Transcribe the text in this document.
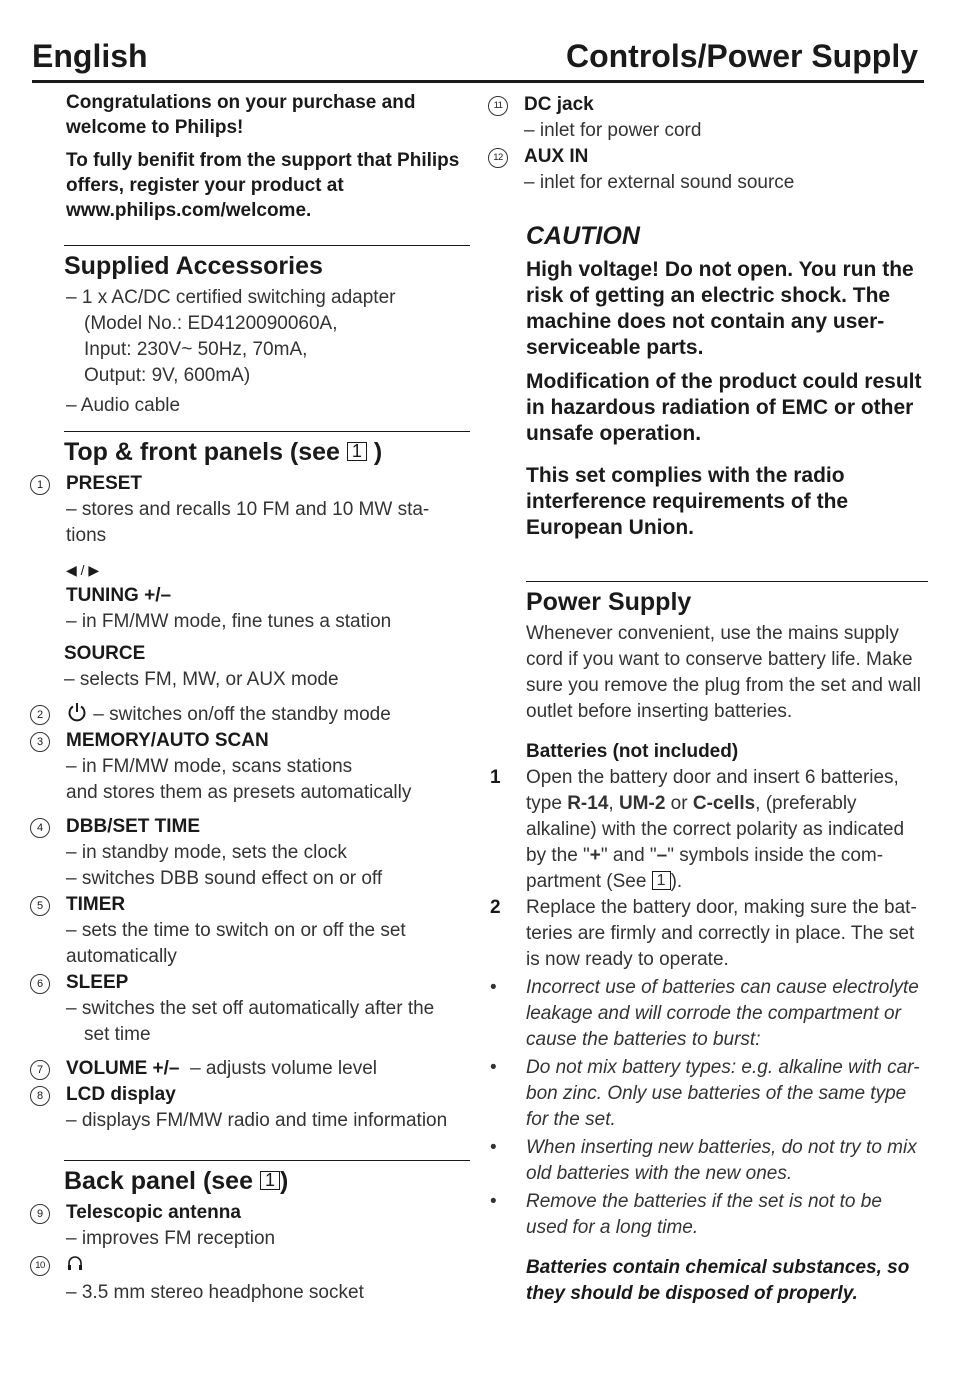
English	Controls/Power Supply

Congratulations on your purchase and welcome to Philips!

To fully benifit from the support that Philips offers, register your product at www.philips.com/welcome.

Supplied Accessories
– 1 x AC/DC certified switching adapter
(Model No.: ED4120090060A,
Input: 230V~ 50Hz, 70mA,
Output: 9V, 600mA)
– Audio cable
Top & front panels (see 1 )
1	PRESET
– stores and recalls 10 FM and 10 MW sta-
tions
◀ / ▶
TUNING +/–
– in FM/MW mode, fine tunes a station
SOURCE
– selects FM, MW, or AUX mode
2	– switches on/off the standby mode
3	MEMORY/AUTO SCAN
– in FM/MW mode, scans stations
and stores them as presets automatically
4	DBB/SET TIME
– in standby mode, sets the clock
– switches DBB sound effect on or off
5	TIMER
– sets the time to switch on or off the set
automatically
6	SLEEP
– switches the set off automatically after the
set time
7	VOLUME +/– – adjusts volume level
8	LCD display
– displays FM/MW radio and time information
Back panel (see 1 )
9	Telescopic antenna
– improves FM reception
10
– 3.5 mm stereo headphone socket
11 DC jack
– inlet for power cord
12 AUX IN
– inlet for external sound source
CAUTION

High voltage! Do not open. You run the risk of getting an electric shock. The machine does not contain any user-serviceable parts.

Modification of the product could result in hazardous radiation of EMC or other unsafe operation.

This set complies with the radio interference requirements of the European Union.

Power Supply

Whenever convenient, use the mains supply cord if you want to conserve battery life. Make sure you remove the plug from the set and wall outlet before inserting batteries.

Batteries (not included)
1 Open the battery door and insert 6 batteries, type R-14, UM-2 or C-cells, (preferably alkaline) with the correct polarity as indicated by the "+" and "–" symbols inside the com-partment (See 1 ).
2 Replace the battery door, making sure the bat-teries are firmly and correctly in place. The set is now ready to operate.
• Incorrect use of batteries can cause electrolyte leakage and will corrode the compartment or cause the batteries to burst:
• Do not mix battery types: e.g. alkaline with car-bon zinc. Only use batteries of the same type for the set.
• When inserting new batteries, do not try to mix old batteries with the new ones.
• Remove the batteries if the set is not to be used for a long time.

Batteries contain chemical substances, so they should be disposed of properly.
